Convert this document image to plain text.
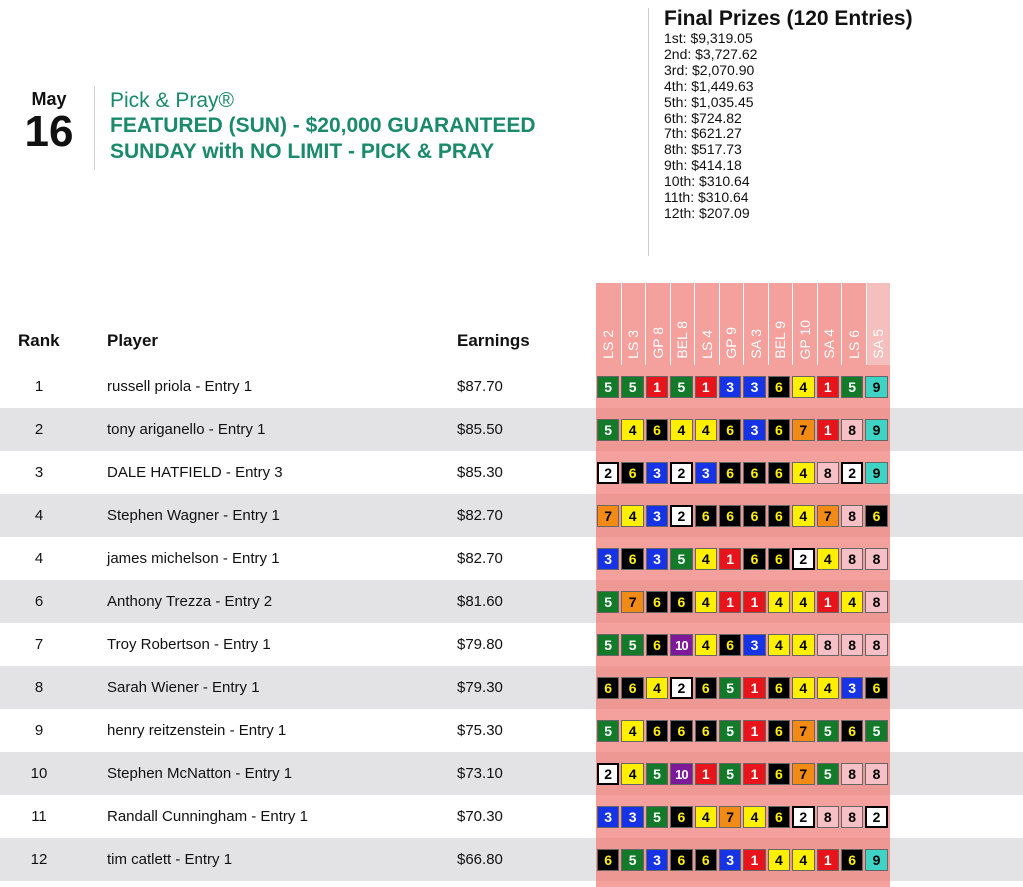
May
16
Pick & Pray®
FEATURED (SUN) - $20,000 GUARANTEED
SUNDAY with NO LIMIT - PICK & PRAY
Final Prizes (120 Entries)
1st: $9,319.05
2nd: $3,727.62
3rd: $2,070.90
4th: $1,449.63
5th: $1,035.45
6th: $724.82
7th: $621.27
8th: $517.73
9th: $414.18
10th: $310.64
11th: $310.64
12th: $207.09
LS 2 LS 3 GP 8 BEL 8 LS 4 GP 9 SA 3 BEL 9 GP 10 SA 4 LS 6 SA 5
Rank	Player	Earnings
1	russell priola - Entry 1	$87.70	5	5	1	5	1	3	3	6	4	1	5	9
2	tony ariganello - Entry 1	$85.50	5	4	6	4	4	6	3	6	7	1	8	9
3	DALE HATFIELD - Entry 3	$85.30	2	6	3	2	3	6	6	6	4	8	2	9
4	Stephen Wagner - Entry 1	$82.70	7	4	3	2	6	6	6	6	4	7	8	6
4	james michelson - Entry 1	$82.70	3	6	3	5	4	1	6	6	2	4	8	8
6	Anthony Trezza - Entry 2	$81.60	5	7	6	6	4	1	1	4	4	1	4	8
7	Troy Robertson - Entry 1	$79.80	5	5	6	10	4	6	3	4	4	8	8	8
8	Sarah Wiener - Entry 1	$79.30	6	6	4	2	6	5	1	6	4	4	3	6
9	henry reitzenstein - Entry 1	$75.30	5	4	6	6	6	5	1	6	7	5	6	5
10	Stephen McNatton - Entry 1	$73.10	2	4	5	10	1	5	1	6	7	5	8	8
11	Randall Cunningham - Entry 1	$70.30	3	3	5	6	4	7	4	6	2	8	8	2
12	tim catlett - Entry 1	$66.80	6	5	3	6	6	3	1	4	4	1	6	9
